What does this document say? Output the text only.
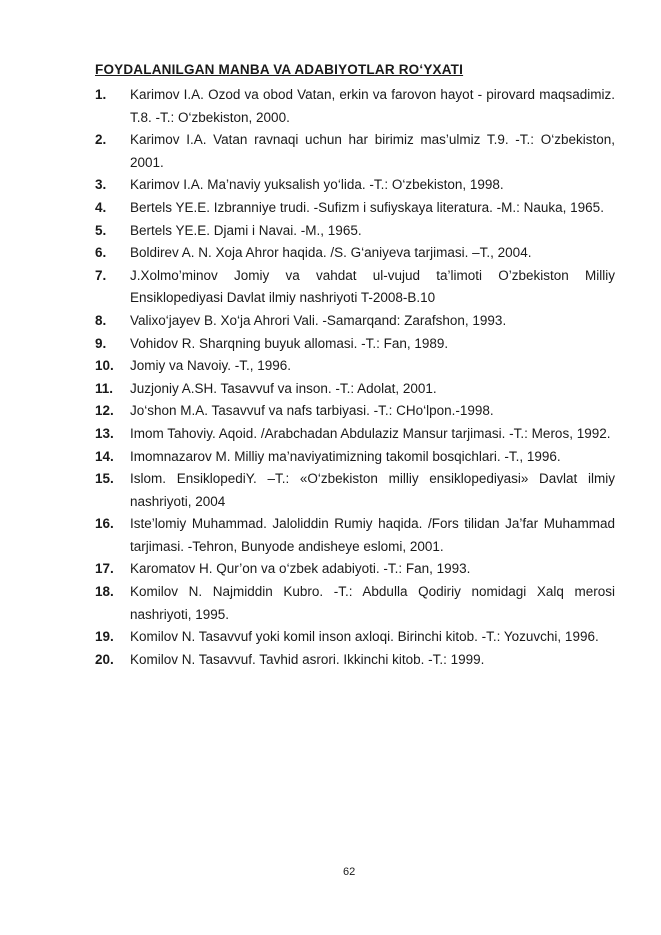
FOYDALANILGAN MANBA VA ADABIYOTLAR RO‘YXATI
1. Karimov I.A. Ozod va obod Vatan, erkin va farovon hayot - pirovard maqsadimiz. T.8. -T.: O‘zbekiston, 2000.
2. Karimov I.A. Vatan ravnaqi uchun har birimiz mas’ulmiz T.9. -T.: O‘zbekiston, 2001.
3. Karimov I.A. Ma’naviy yuksalish yo‘lida. -T.: O‘zbekiston, 1998.
4. Bertels YE.E. Izbranniye trudi. -Sufizm i sufiyskaya literatura. -M.: Nauka, 1965.
5. Bertels YE.E. Djami i Navai. -M., 1965.
6. Boldirev A. N. Xoja Ahror haqida. /S. G‘aniyeva tarjimasi. –T., 2004.
7. J.Xolmo’minov Jomiy va vahdat ul-vujud ta’limoti O’zbekiston Milliy Ensiklopediyasi Davlat ilmiy nashriyoti T-2008-B.10
8. Valixo‘jayev B. Xo‘ja Ahrori Vali. -Samarqand: Zarafshon, 1993.
9. Vohidov R. Sharqning buyuk allomasi. -T.: Fan, 1989.
10. Jomiy va Navoiy. -T., 1996.
11. Juzjoniy A.SH. Tasavvuf va inson. -T.: Adolat, 2001.
12. Jo‘shon M.A. Tasavvuf va nafs tarbiyasi. -T.: CHo‘lpon.-1998.
13. Imom Tahoviy. Aqoid. /Arabchadan Abdulaziz Mansur tarjimasi. -T.: Meros, 1992.
14. Imomnazarov M. Milliy ma’naviyatimizning takomil bosqichlari. -T., 1996.
15. Islom. EnsiklopediY. –T.: «O‘zbekiston milliy ensiklopediyasi» Davlat ilmiy nashriyoti, 2004
16. Iste’lomiy Muhammad. Jaloliddin Rumiy haqida. /Fors tilidan Ja’far Muhammad tarjimasi. -Tehron, Bunyode andisheye eslomi, 2001.
17. Karomatov H. Qur’on va o‘zbek adabiyoti. -T.: Fan, 1993.
18. Komilov N. Najmiddin Kubro. -T.: Abdulla Qodiriy nomidagi Xalq merosi nashriyoti, 1995.
19. Komilov N. Tasavvuf yoki komil inson axloqi. Birinchi kitob. -T.: Yozuvchi, 1996.
20. Komilov N. Tasavvuf. Tavhid asrori. Ikkinchi kitob. -T.: 1999.
62
